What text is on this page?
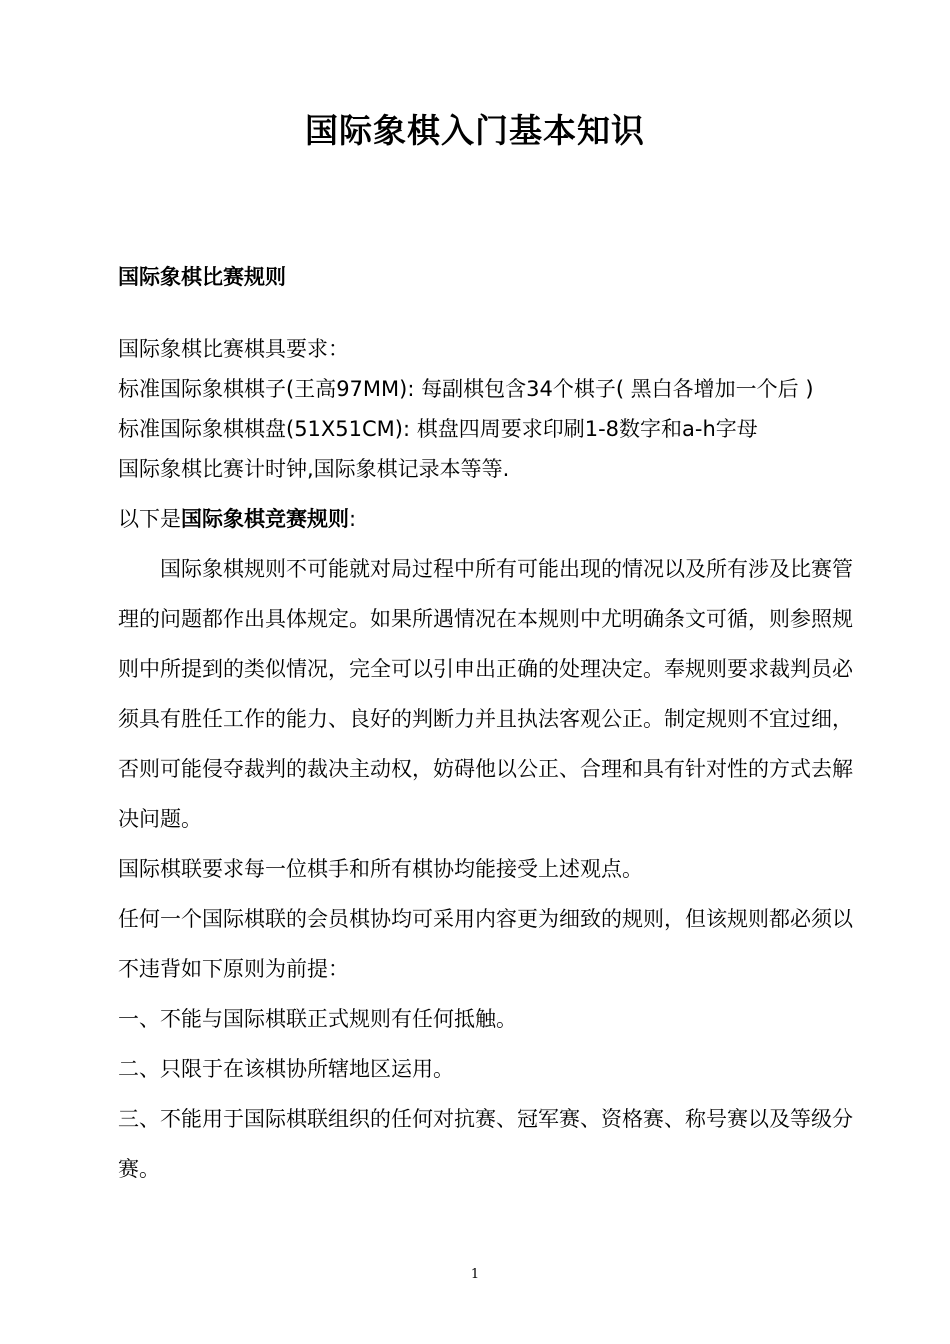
国际象棋入门基本知识
国际象棋比赛规则
国际象棋比赛棋具要求：
标准国际象棋棋子(王高97MM): 每副棋包含34个棋子( 黑白各增加一个后 )
标准国际象棋棋盘(51X51CM): 棋盘四周要求印刷1-8数字和a-h字母
国际象棋比赛计时钟,国际象棋记录本等等.
以下是国际象棋竞赛规则:
国际象棋规则不可能就对局过程中所有可能出现的情况以及所有涉及比赛管理的问题都作出具体规定。如果所遇情况在本规则中尤明确条文可循，则参照规则中所提到的类似情况，完全可以引申出正确的处理决定。奉规则要求裁判员必须具有胜任工作的能力、良好的判断力并且执法客观公正。制定规则不宜过细，否则可能侵夺裁判的裁决主动权，妨碍他以公正、合理和具有针对性的方式去解决问题。
国际棋联要求每一位棋手和所有棋协均能接受上述观点。
任何一个国际棋联的会员棋协均可采用内容更为细致的规则，但该规则都必须以不违背如下原则为前提：
一、不能与国际棋联正式规则有任何抵触。
二、只限于在该棋协所辖地区运用。
三、不能用于国际棋联组织的任何对抗赛、冠军赛、资格赛、称号赛以及等级分赛。
1
